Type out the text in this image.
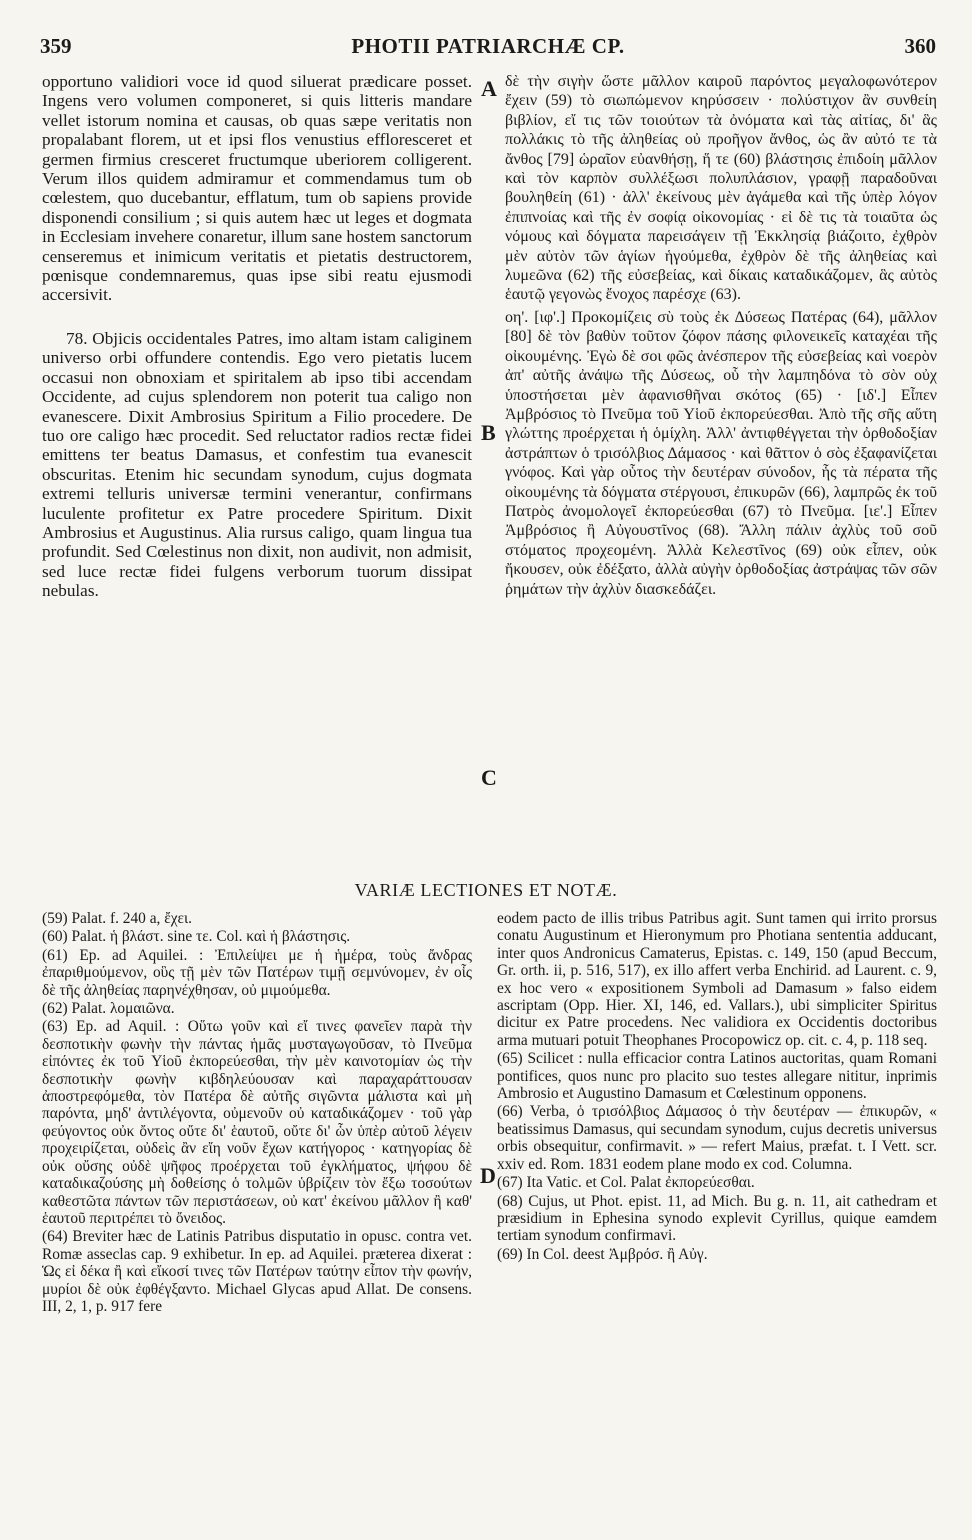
359	PHOTII PATRIARCHÆ CP.	360

opportuno validiori voce id quod siluerat prædicare posset. Ingens vero volumen componeret, si quis litteris mandare vellet istorum nomina et causas, ob quas sæpe veritatis non propalabant florem, ut et ipsi flos venustius effloresceret et germen firmius cresceret fructumque uberiorem colligerent. Verum illos quidem admiramur et commendamus tum ob cœlestem, quo ducebantur, efflatum, tum ob sapiens provide disponendi consilium ; si quis autem hæc ut leges et dogmata in Ecclesiam invehere conaretur, illum sane hostem sanctorum censeremus et inimicum veritatis et pietatis destructorem, pœnisque condemnaremus, quas ipse sibi reatu ejusmodi accersivit.

78. Objicis occidentales Patres, imo altam istam caliginem universo orbi offundere contendis. Ego vero pietatis lucem occasui non obnoxiam et spiritalem ab ipso tibi accendam Occidente, ad cujus splendorem non poterit tua caligo non evanescere. Dixit Ambrosius Spiritum a Filio procedere. De tuo ore caligo hæc procedit. Sed reluctator radios rectæ fidei emittens ter beatus Damasus, et confestim tua evanescit obscuritas. Etenim hic secundam synodum, cujus dogmata extremi telluris universæ termini venerantur, confirmans luculente profitetur ex Patre procedere Spiritum. Dixit Ambrosius et Augustinus. Alia rursus caligo, quam lingua tua profundit. Sed Cœlestinus non dixit, non audivit, non admisit, sed luce rectæ fidei fulgens verborum tuorum dissipat nebulas.

A
B
C
D

δὲ τὴν σιγὴν ὥστε μᾶλλον καιροῦ παρόντος μεγαλοφωνότερον ἔχειν (59) τὸ σιωπώμενον κηρύσσειν · πολύστιχον ἂν συνθείη βιβλίον, εἴ τις τῶν τοιούτων τὰ ὀνόματα καὶ τὰς αἰτίας, δι' ἃς πολλάκις τὸ τῆς ἀληθείας οὐ προῆγον ἄνθος, ὡς ἂν αὐτό τε τὰ ἄνθος [79] ὡραῖον εὐανθήσῃ, ἥ τε (60) βλάστησις ἐπιδοίη μᾶλλον καὶ τὸν καρπὸν συλλέξωσι πολυπλάσιον, γραφῇ παραδοῦναι βουληθείη (61) · ἀλλ' ἐκείνους μὲν ἀγάμεθα καὶ τῆς ὑπὲρ λόγον ἐπιπνοίας καὶ τῆς ἐν σοφίᾳ οἰκονομίας · εἰ δὲ τις τὰ τοιαῦτα ὡς νόμους καὶ δόγματα παρεισάγειν τῇ Ἐκκλησίᾳ βιάζοιτο, ἐχθρὸν μὲν αὐτὸν τῶν ἁγίων ἡγούμεθα, ἐχθρὸν δὲ τῆς ἀληθείας καὶ λυμεῶνα (62) τῆς εὐσεβείας, καὶ δίκαις καταδικάζομεν, ἃς αὐτὸς ἑαυτῷ γεγονὼς ἔνοχος παρέσχε (63).

οη'. [ιφ'.] Προκομίζεις σὺ τοὺς ἐκ Δύσεως Πατέρας (64), μᾶλλον [80] δὲ τὸν βαθὺν τοῦτον ζόφον πάσης φιλονεικεῖς καταχέαι τῆς οἰκουμένης. Ἐγὼ δὲ σοι φῶς ἀνέσπερον τῆς εὐσεβείας καὶ νοερὸν ἀπ' αὐτῆς ἀνάψω τῆς Δύσεως, οὗ τὴν λαμπηδόνα τὸ σὸν οὐχ ὑποστήσεται μὲν ἀφανισθῆναι σκότος (65) · [ιδ'.] Εἶπεν Ἀμβρόσιος τὸ Πνεῦμα τοῦ Υἱοῦ ἐκπορεύεσθαι. Ἀπὸ τῆς σῆς αὕτη γλώττης προέρχεται ἡ ὁμίχλη. Ἀλλ' ἀντιφθέγγεται τὴν ὀρθοδοξίαν ἀστράπτων ὁ τρισόλβιος Δάμασος · καὶ θᾶττον ὁ σὸς ἐξαφανίζεται γνόφος. Καὶ γὰρ οὗτος τὴν δευτέραν σύνοδον, ἧς τὰ πέρατα τῆς οἰκουμένης τὰ δόγματα στέργουσι, ἐπικυρῶν (66), λαμπρῶς ἐκ τοῦ Πατρὸς ἀνομολογεῖ ἐκπορεύεσθαι (67) τὸ Πνεῦμα. [ιε'.] Εἶπεν Ἀμβρόσιος ἢ Αὐγουστῖνος (68). Ἄλλη πάλιν ἀχλὺς τοῦ σοῦ στόματος προχεομένη. Ἀλλὰ Κελεστῖνος (69) οὐκ εἶπεν, οὐκ ἤκουσεν, οὐκ ἐδέξατο, ἀλλὰ αὐγὴν ὀρθοδοξίας ἀστράψας τῶν σῶν ῥημάτων τὴν ἀχλὺν διασκεδάζει.

VARIÆ LECTIONES ET NOTÆ.

(59) Palat. f. 240 a, ἔχει.

(60) Palat. ἡ βλάστ. sine τε. Col. καὶ ἡ βλάστησις.

(61) Ep. ad Aquilei. : Ἐπιλείψει με ἡ ἡμέρα, τοὺς ἄνδρας ἐπαριθμούμενον, οὓς τῇ μὲν τῶν Πατέρων τιμῇ σεμνύνομεν, ἐν οἷς δὲ τῆς ἀληθείας παρηνέχθησαν, οὐ μιμούμεθα.

(62) Palat. λομαιῶνα.

(63) Ep. ad Aquil. : Οὕτω γοῦν καὶ εἴ τινες φανεῖεν παρὰ τὴν δεσποτικὴν φωνὴν τὴν πάντας ἡμᾶς μυσταγωγοῦσαν, τὸ Πνεῦμα εἰπόντες ἐκ τοῦ Υἱοῦ ἐκπορεύεσθαι, τὴν μὲν καινοτομίαν ὡς τὴν δεσποτικὴν φωνὴν κιβδηλεύουσαν καὶ παραχαράττουσαν ἀποστρεφόμεθα, τὸν Πατέρα δὲ αὐτῆς σιγῶντα μάλιστα καὶ μὴ παρόντα, μηδ' ἀντιλέγοντα, οὐμενοῦν οὐ καταδικάζομεν · τοῦ γὰρ φεύγοντος οὐκ ὄντος οὔτε δι' ἑαυτοῦ, οὔτε δι' ὧν ὑπὲρ αὐτοῦ λέγειν προχειρίζεται, οὐδεὶς ἂν εἴη νοῦν ἔχων κατήγορος · κατηγορίας δὲ οὐκ οὔσης οὐδὲ ψῆφος προέρχεται τοῦ ἐγκλήματος, ψήφου δὲ καταδικαζούσης μὴ δοθείσης ὁ τολμῶν ὑβρίζειν τὸν ἔξω τοσούτων καθεστῶτα πάντων τῶν περιστάσεων, οὐ κατ' ἐκείνου μᾶλλον ἢ καθ' ἑαυτοῦ περιτρέπει τὸ ὄνειδος.

(64) Breviter hæc de Latinis Patribus disputatio in opusc. contra vet. Romæ asseclas cap. 9 exhibetur. In ep. ad Aquilei. præterea dixerat : Ὡς εἰ δέκα ἢ καὶ εἴκοσί τινες τῶν Πατέρων ταύτην εἶπον τὴν φωνήν, μυρίοι δὲ οὐκ ἐφθέγξαντο. Michael Glycas apud Allat. De consens. III, 2, 1, p. 917 fere

eodem pacto de illis tribus Patribus agit. Sunt tamen qui irrito prorsus conatu Augustinum et Hieronymum pro Photiana sententia adducant, inter quos Andronicus Camaterus, Epistas. c. 149, 150 (apud Beccum, Gr. orth. ii, p. 516, 517), ex illo affert verba Enchirid. ad Laurent. c. 9, ex hoc vero « expositionem Symboli ad Damasum » falso eidem ascriptam (Opp. Hier. XI, 146, ed. Vallars.), ubi simpliciter Spiritus dicitur ex Patre procedens. Nec validiora ex Occidentis doctoribus arma mutuari potuit Theophanes Procopowicz op. cit. c. 4, p. 118 seq.

(65) Scilicet : nulla efficacior contra Latinos auctoritas, quam Romani pontifices, quos nunc pro placito suo testes allegare nititur, inprimis Ambrosio et Augustino Damasum et Cœlestinum opponens.

(66) Verba, ὁ τρισόλβιος Δάμασος ὁ τὴν δευτέραν — ἐπικυρῶν, « beatissimus Damasus, qui secundam synodum, cujus decretis universus orbis obsequitur, confirmavit. » — refert Maius, præfat. t. I Vett. scr. xxiv ed. Rom. 1831 eodem plane modo ex cod. Columna.

(67) Ita Vatic. et Col. Palat ἐκπορεύεσθαι.

(68) Cujus, ut Phot. epist. 11, ad Mich. Bu g. n. 11, ait cathedram et præsidium in Ephesina synodo explevit Cyrillus, quique eamdem tertiam synodum confirmavi.

(69) In Col. deest Ἀμβρόσ. ἢ Αὐγ.
